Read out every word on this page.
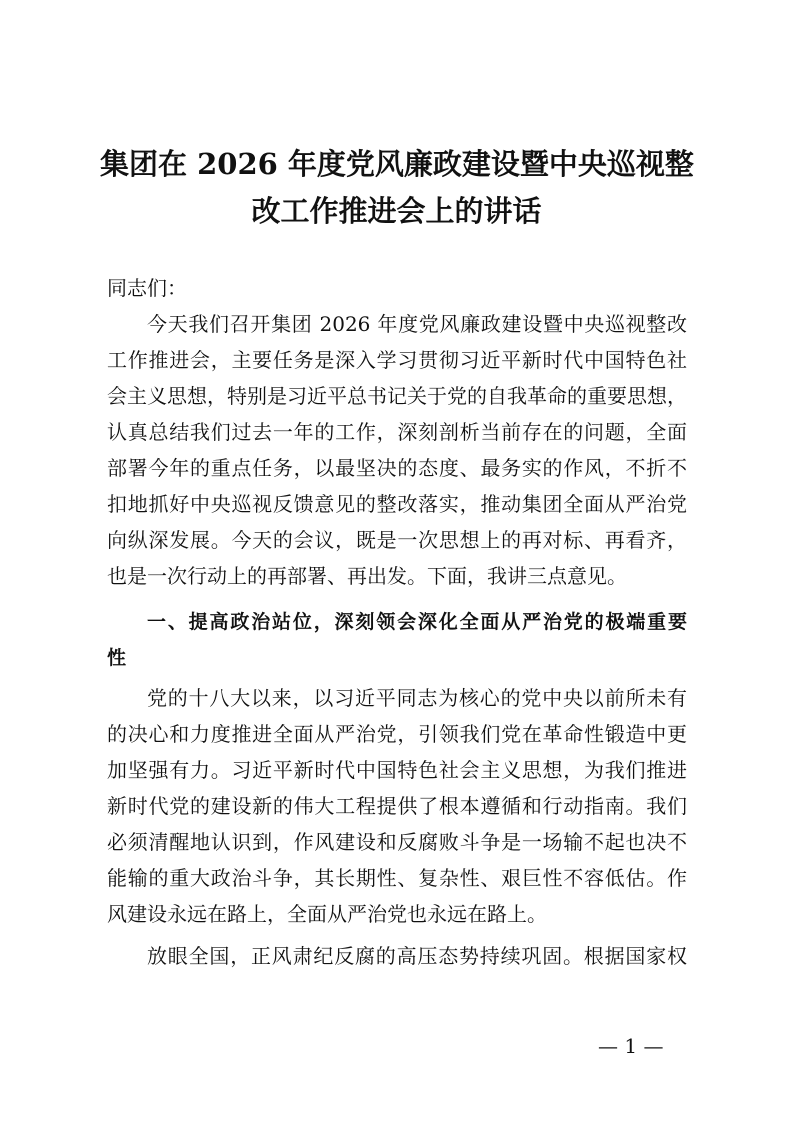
集团在 2026 年度党风廉政建设暨中央巡视整
改工作推进会上的讲话

同志们：

今天我们召开集团 2026 年度党风廉政建设暨中央巡视整改

工作推进会，主要任务是深入学习贯彻习近平新时代中国特色社

会主义思想，特别是习近平总书记关于党的自我革命的重要思想，

认真总结我们过去一年的工作，深刻剖析当前存在的问题，全面

部署今年的重点任务，以最坚决的态度、最务实的作风，不折不

扣地抓好中央巡视反馈意见的整改落实，推动集团全面从严治党

向纵深发展。今天的会议，既是一次思想上的再对标、再看齐，

也是一次行动上的再部署、再出发。下面，我讲三点意见。

一、提高政治站位，深刻领会深化全面从严治党的极端重要

性

党的十八大以来，以习近平同志为核心的党中央以前所未有

的决心和力度推进全面从严治党，引领我们党在革命性锻造中更

加坚强有力。习近平新时代中国特色社会主义思想，为我们推进

新时代党的建设新的伟大工程提供了根本遵循和行动指南。我们

必须清醒地认识到，作风建设和反腐败斗争是一场输不起也决不

能输的重大政治斗争，其长期性、复杂性、艰巨性不容低估。作

风建设永远在路上，全面从严治党也永远在路上。

放眼全国，正风肃纪反腐的高压态势持续巩固。根据国家权

— 1 —
